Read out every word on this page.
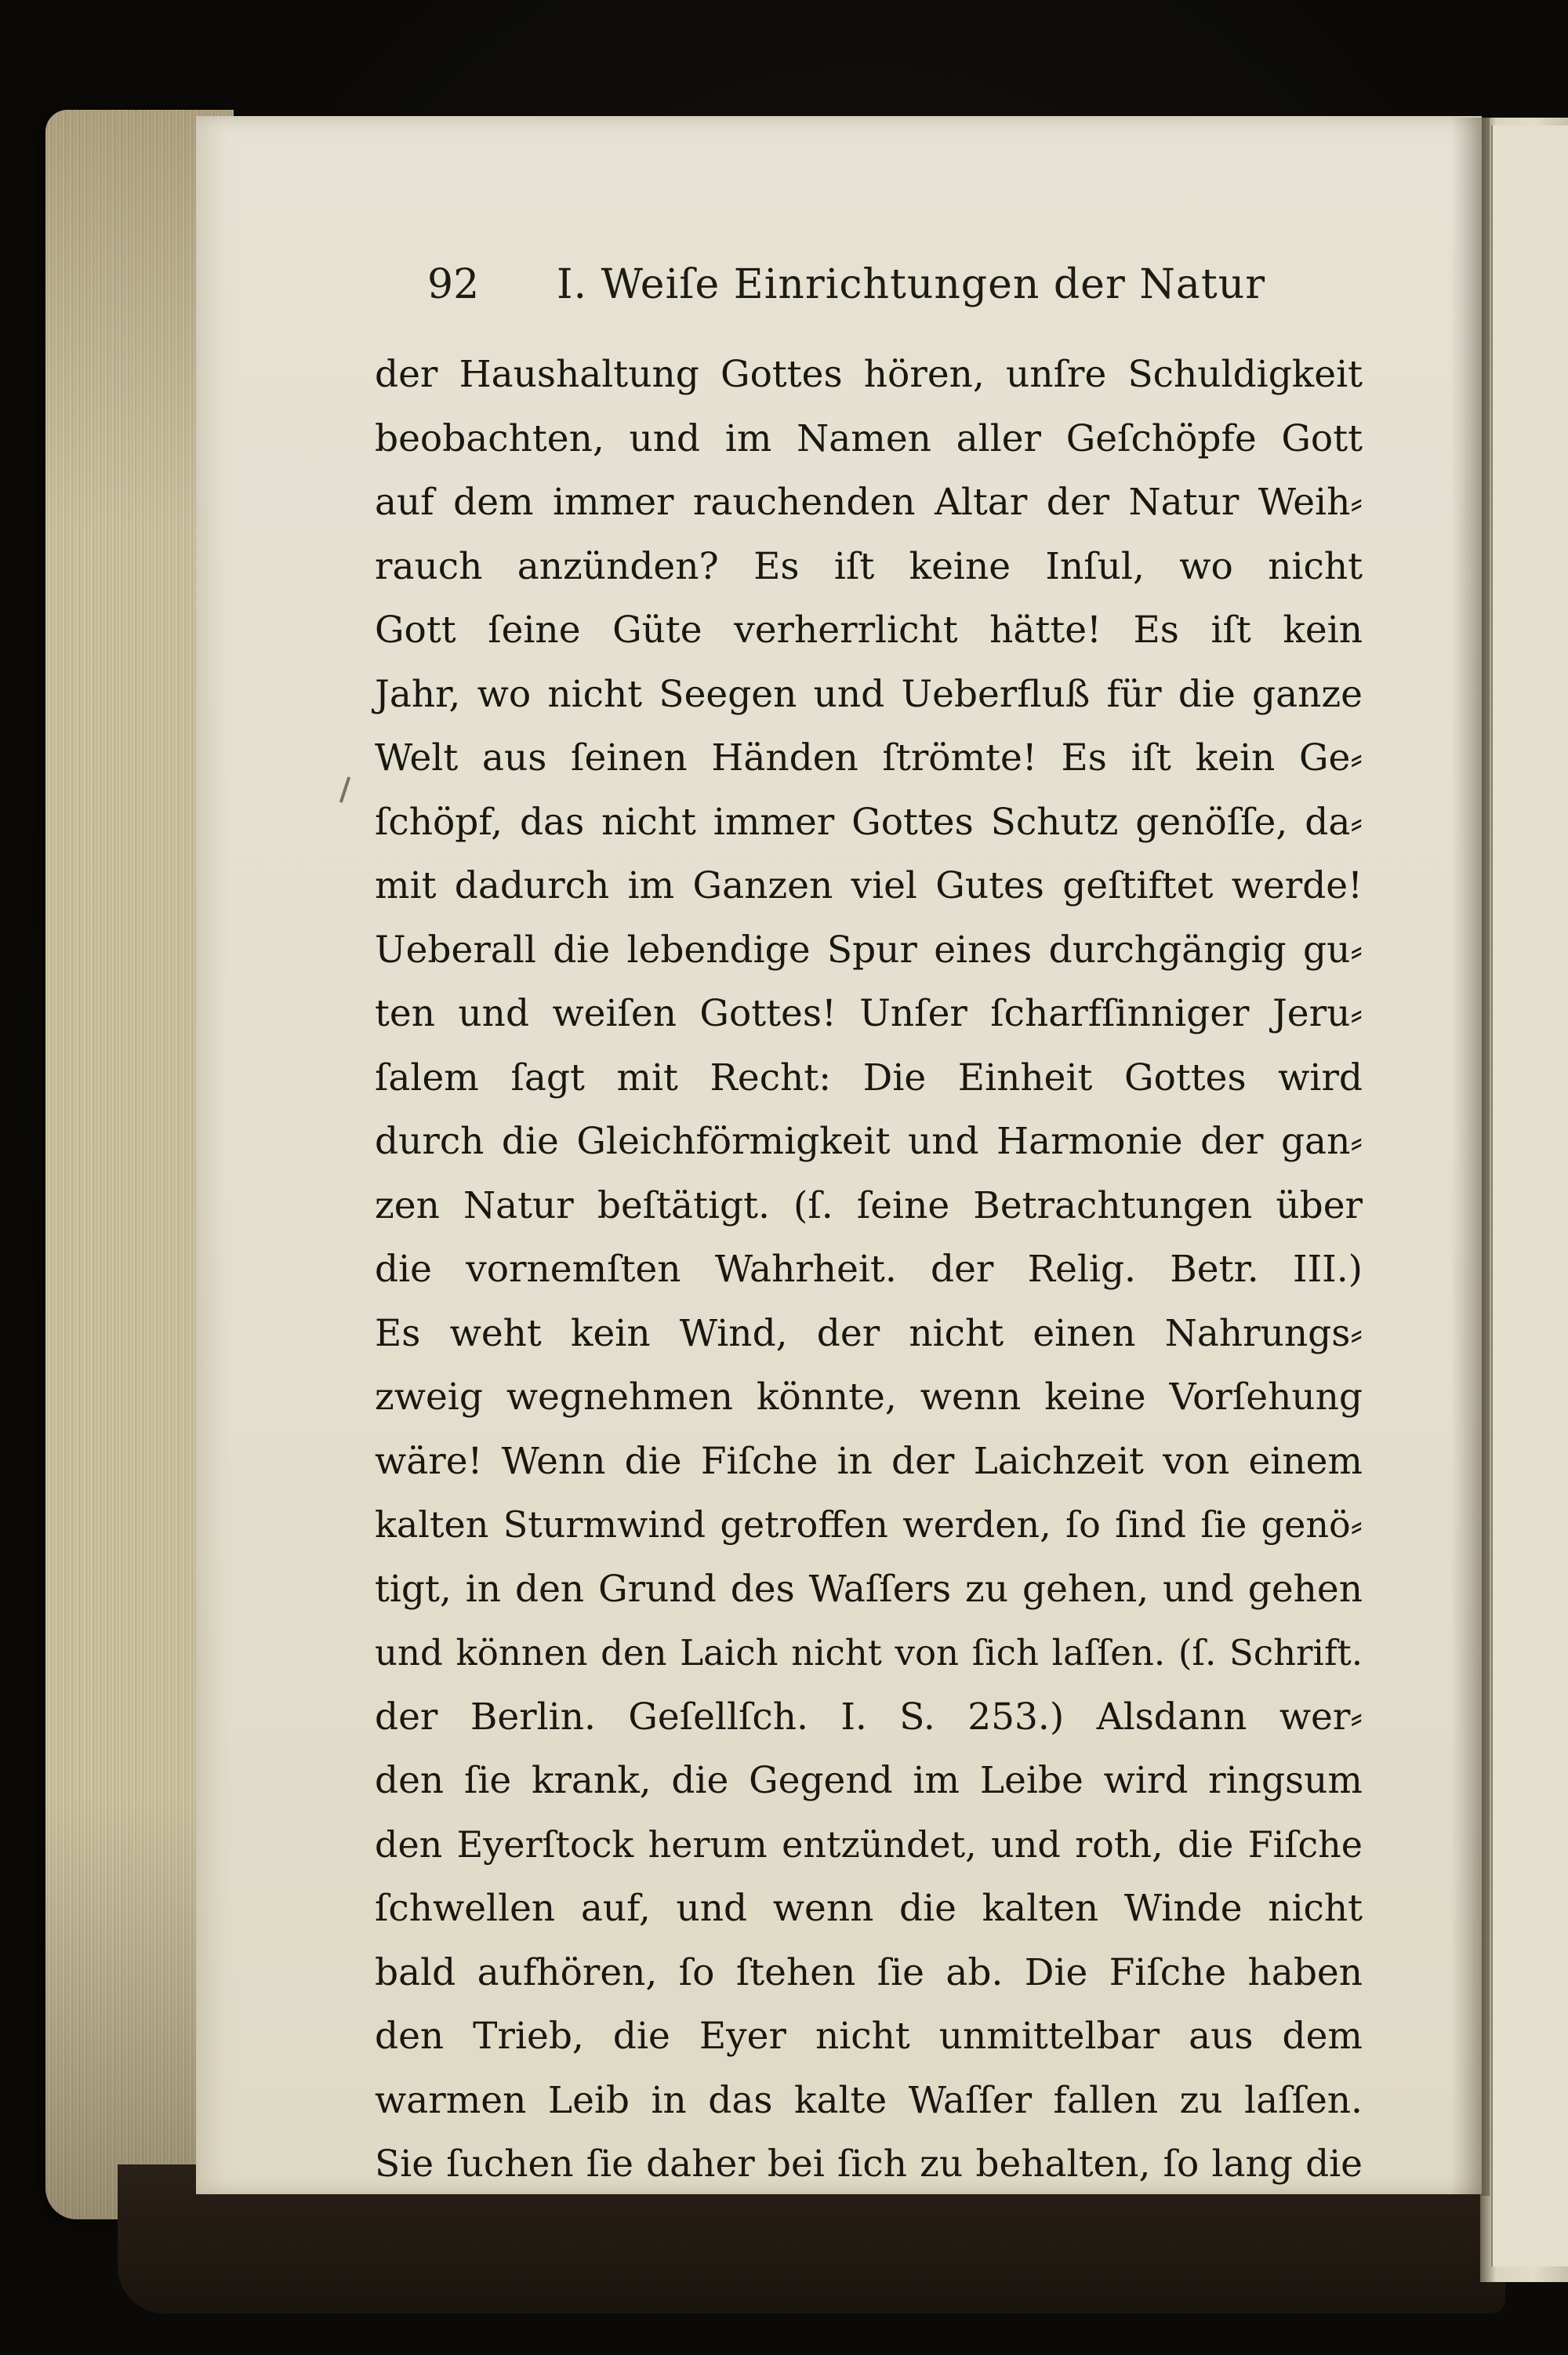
92 I. Weiſe Einrichtungen der Natur
der Haushaltung Gottes hören, unſre Schuldigkeit
beobachten, und im Namen aller Geſchöpfe Gott
auf dem immer rauchenden Altar der Natur Weih⸗
rauch anzünden? Es iſt keine Inſul, wo nicht
Gott ſeine Güte verherrlicht hätte! Es iſt kein
Jahr, wo nicht Seegen und Ueberfluß für die ganze
Welt aus ſeinen Händen ſtrömte! Es iſt kein Ge⸗
ſchöpf, das nicht immer Gottes Schutz genöſſe, da⸗
mit dadurch im Ganzen viel Gutes geſtiftet werde!
Ueberall die lebendige Spur eines durchgängig gu⸗
ten und weiſen Gottes! Unſer ſcharfſinniger Jeru⸗
ſalem ſagt mit Recht: Die Einheit Gottes wird
durch die Gleichförmigkeit und Harmonie der gan⸗
zen Natur beſtätigt. (ſ. ſeine Betrachtungen über
die vornemſten Wahrheit. der Relig. Betr. III.)
Es weht kein Wind, der nicht einen Nahrungs⸗
zweig wegnehmen könnte, wenn keine Vorſehung
wäre! Wenn die Fiſche in der Laichzeit von einem
kalten Sturmwind getroffen werden, ſo ſind ſie genö⸗
tigt, in den Grund des Waſſers zu gehen, und gehen
und können den Laich nicht von ſich laſſen. (ſ. Schrift.
der Berlin. Geſellſch. I. S. 253.) Alsdann wer⸗
den ſie krank, die Gegend im Leibe wird ringsum
den Eyerſtock herum entzündet, und roth, die Fiſche
ſchwellen auf, und wenn die kalten Winde nicht
bald aufhören, ſo ſtehen ſie ab. Die Fiſche haben
den Trieb, die Eyer nicht unmittelbar aus dem
warmen Leib in das kalte Waſſer fallen zu laſſen.
Sie ſuchen ſie daher bei ſich zu behalten, ſo lang die
